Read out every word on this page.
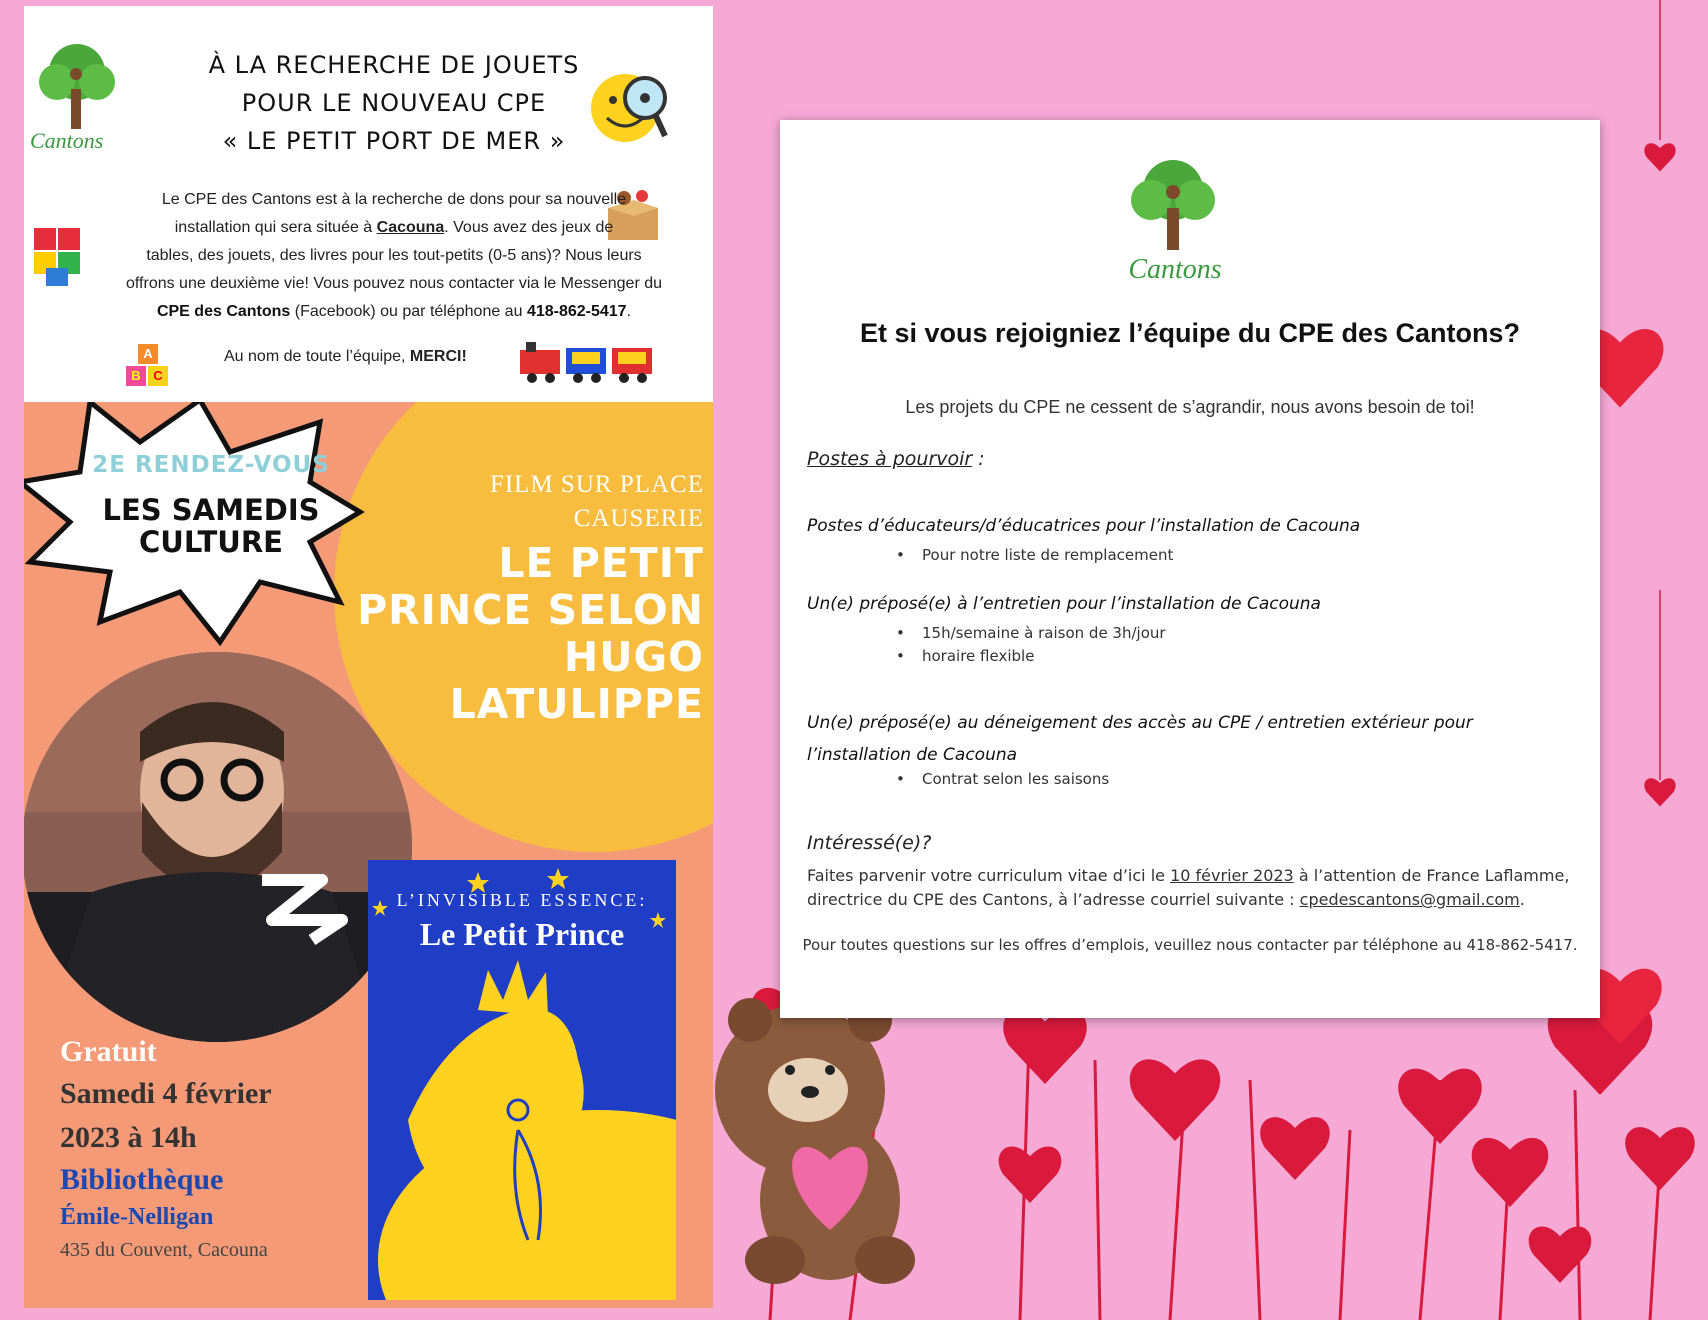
Cantons
À LA RECHERCHE DE JOUETS
POUR LE NOUVEAU CPE
« LE PETIT PORT DE MER »
Le CPE des Cantons est à la recherche de dons pour sa nouvelle
installation qui sera située à Cacouna. Vous avez des jeux de
tables, des jouets, des livres pour les tout-petits (0-5 ans)? Nous leurs
offrons une deuxième vie! Vous pouvez nous contacter via le Messenger du
CPE des Cantons (Facebook) ou par téléphone au 418-862-5417.
A
B C
Au nom de toute l’équipe, MERCI!
2E RENDEZ-VOUS
LES SAMEDIS
CULTURE
FILM SUR PLACE
CAUSERIE
LE PETIT
PRINCE SELON
HUGO
LATULIPPE
Gratuit
Samedi 4 février
2023 à 14h
Bibliothèque
Émile-Nelligan
435 du Couvent, Cacouna
L’INVISIBLE ESSENCE:
Le Petit Prince
Cantons
Et si vous rejoigniez l’équipe du CPE des Cantons?
Les projets du CPE ne cessent de s’agrandir, nous avons besoin de toi!
Postes à pourvoir :
Postes d’éducateurs/d’éducatrices pour l’installation de Cacouna
• Pour notre liste de remplacement
Un(e) préposé(e) à l’entretien pour l’installation de Cacouna
• 15h/semaine à raison de 3h/jour
• horaire flexible
Un(e) préposé(e) au déneigement des accès au CPE / entretien extérieur pour
l’installation de Cacouna
• Contrat selon les saisons
Intéressé(e)?
Faites parvenir votre curriculum vitae d’ici le 10 février 2023 à l’attention de France Laflamme,
directrice du CPE des Cantons, à l’adresse courriel suivante : cpedescantons@gmail.com.
Pour toutes questions sur les offres d’emplois, veuillez nous contacter par téléphone au 418-862-5417.
